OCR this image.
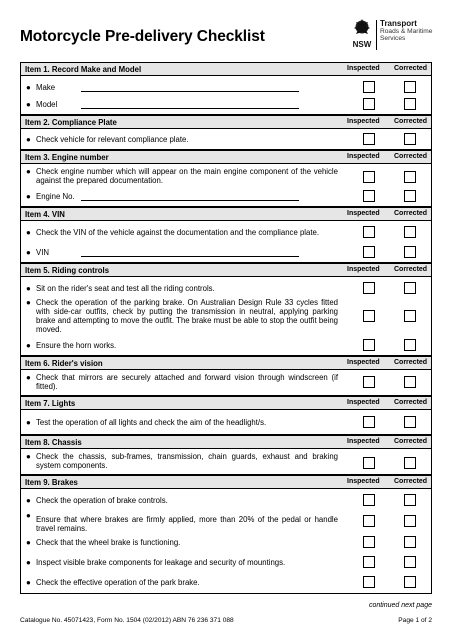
Motorcycle Pre-delivery Checklist	NSW
Transport
Roads & Maritime
Services
Item 1. Record Make and Model	Inspected Corrected
● Make
● Model
Item 2. Compliance Plate	Inspected Corrected
● Check vehicle for relevant compliance plate.
Item 3. Engine number	Inspected Corrected
● Check engine number which will appear on the main engine component of the vehicle against the prepared documentation.
● Engine No.
Item 4. VIN	Inspected Corrected
● Check the VIN of the vehicle against the documentation and the compliance plate.
● VIN
Item 5. Riding controls	Inspected Corrected
● Sit on the rider's seat and test all the riding controls.
● Check the operation of the parking brake. On Australian Design Rule 33 cycles fitted with side-car outfits, check by putting the transmission in neutral, applying parking brake and attempting to move the outfit. The brake must be able to stop the outfit being moved.
● Ensure the horn works.
Item 6. Rider's vision	Inspected Corrected
● Check that mirrors are securely attached and forward vision through windscreen (if fitted).
Item 7. Lights	Inspected Corrected
● Test the operation of all lights and check the aim of the headlight/s.
Item 8. Chassis	Inspected Corrected
● Check the chassis, sub-frames, transmission, chain guards, exhaust and braking system components.
Item 9. Brakes	Inspected Corrected
● Check the operation of brake controls.
● Ensure that where brakes are firmly applied, more than 20% of the pedal or handle travel remains.
● Check that the wheel brake is functioning.
● Inspect visible brake components for leakage and security of mountings.
● Check the effective operation of the park brake.
continued next page
Catalogue No. 45071423, Form No. 1504 (02/2012) ABN 76 236 371 088	Page 1 of 2
